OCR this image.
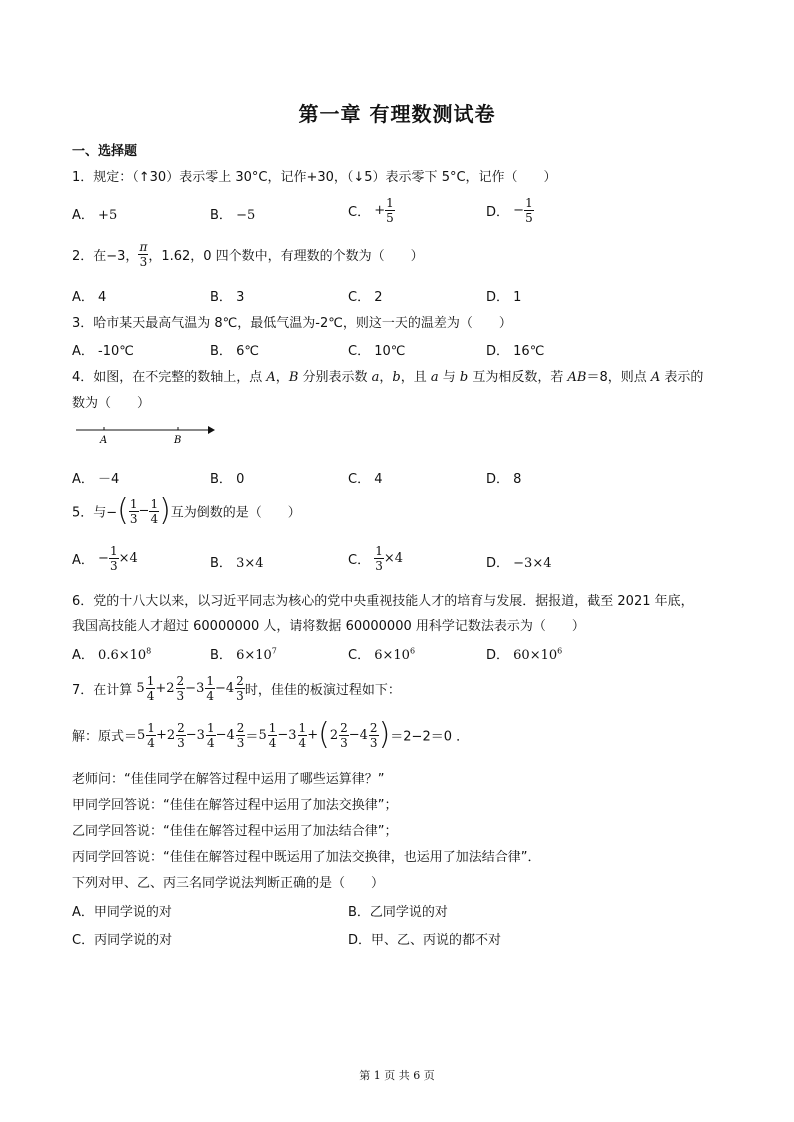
第一章 有理数测试卷
一、选择题
1．规定：（↑30）表示零上 30°C，记作+30，（↓5）表示零下 5°C，记作（　　）
A． +5	B． −5	C． + $\frac{1}{5}$	D． − $\frac{1}{5}$
2．在−3， $\frac{\pi}{3}$ ，1.62，0 四个数中，有理数的个数为（　　）
A． 4	B． 3	C． 2	D． 1
3．哈市某天最高气温为 8℃，最低气温为-2℃，则这一天的温差为（　　）
A． -10℃	B． 6℃	C． 10℃	D． 16℃
4．如图，在不完整的数轴上，点 A，B 分别表示数 a，b，且 a 与 b 互为相反数，若 AB＝8，则点 A 表示的
数为（　　）
A	B
A． －4	B． 0	C． 4	D． 8
5．与−( $\frac{1}{3} - \frac{1}{4}$ )互为倒数的是（　　）
A． − $\frac{1}{3} \times 4$	B． 3×4	C． $\frac{1}{3} \times 4$	D． −3×4
6．党的十八大以来，以习近平同志为核心的党中央重视技能人才的培育与发展．据报道，截至 2021 年底，
我国高技能人才超过 60000000 人，请将数据 60000000 用科学记数法表示为（　　）
A． $0.6\times 10^8$	B． $6\times 10^7$	C． $6\times 10^6$	D． $60\times 10^6$
7．在计算 $5 \frac{1}{4} + 2 \frac{2}{3} - 3 \frac{1}{4} - 4 \frac{2}{3}$ 时，佳佳的板演过程如下：
解：原式＝ $5 \frac{1}{4} + 2 \frac{2}{3} - 3 \frac{1}{4} - 4 \frac{2}{3} = 5 \frac{1}{4} - 3 \frac{1}{4}$ +( $2 \frac{2}{3} - 4 \frac{2}{3} )=2-2=0$ ．
老师问：“佳佳同学在解答过程中运用了哪些运算律？”
甲同学回答说：“佳佳在解答过程中运用了加法交换律”；
乙同学回答说：“佳佳在解答过程中运用了加法结合律”；
丙同学回答说：“佳佳在解答过程中既运用了加法交换律，也运用了加法结合律”．
下列对甲、乙、丙三名同学说法判断正确的是（　　）
A．甲同学说的对	B．乙同学说的对
C．丙同学说的对	D．甲、乙、丙说的都不对
第 1 页 共 6 页
